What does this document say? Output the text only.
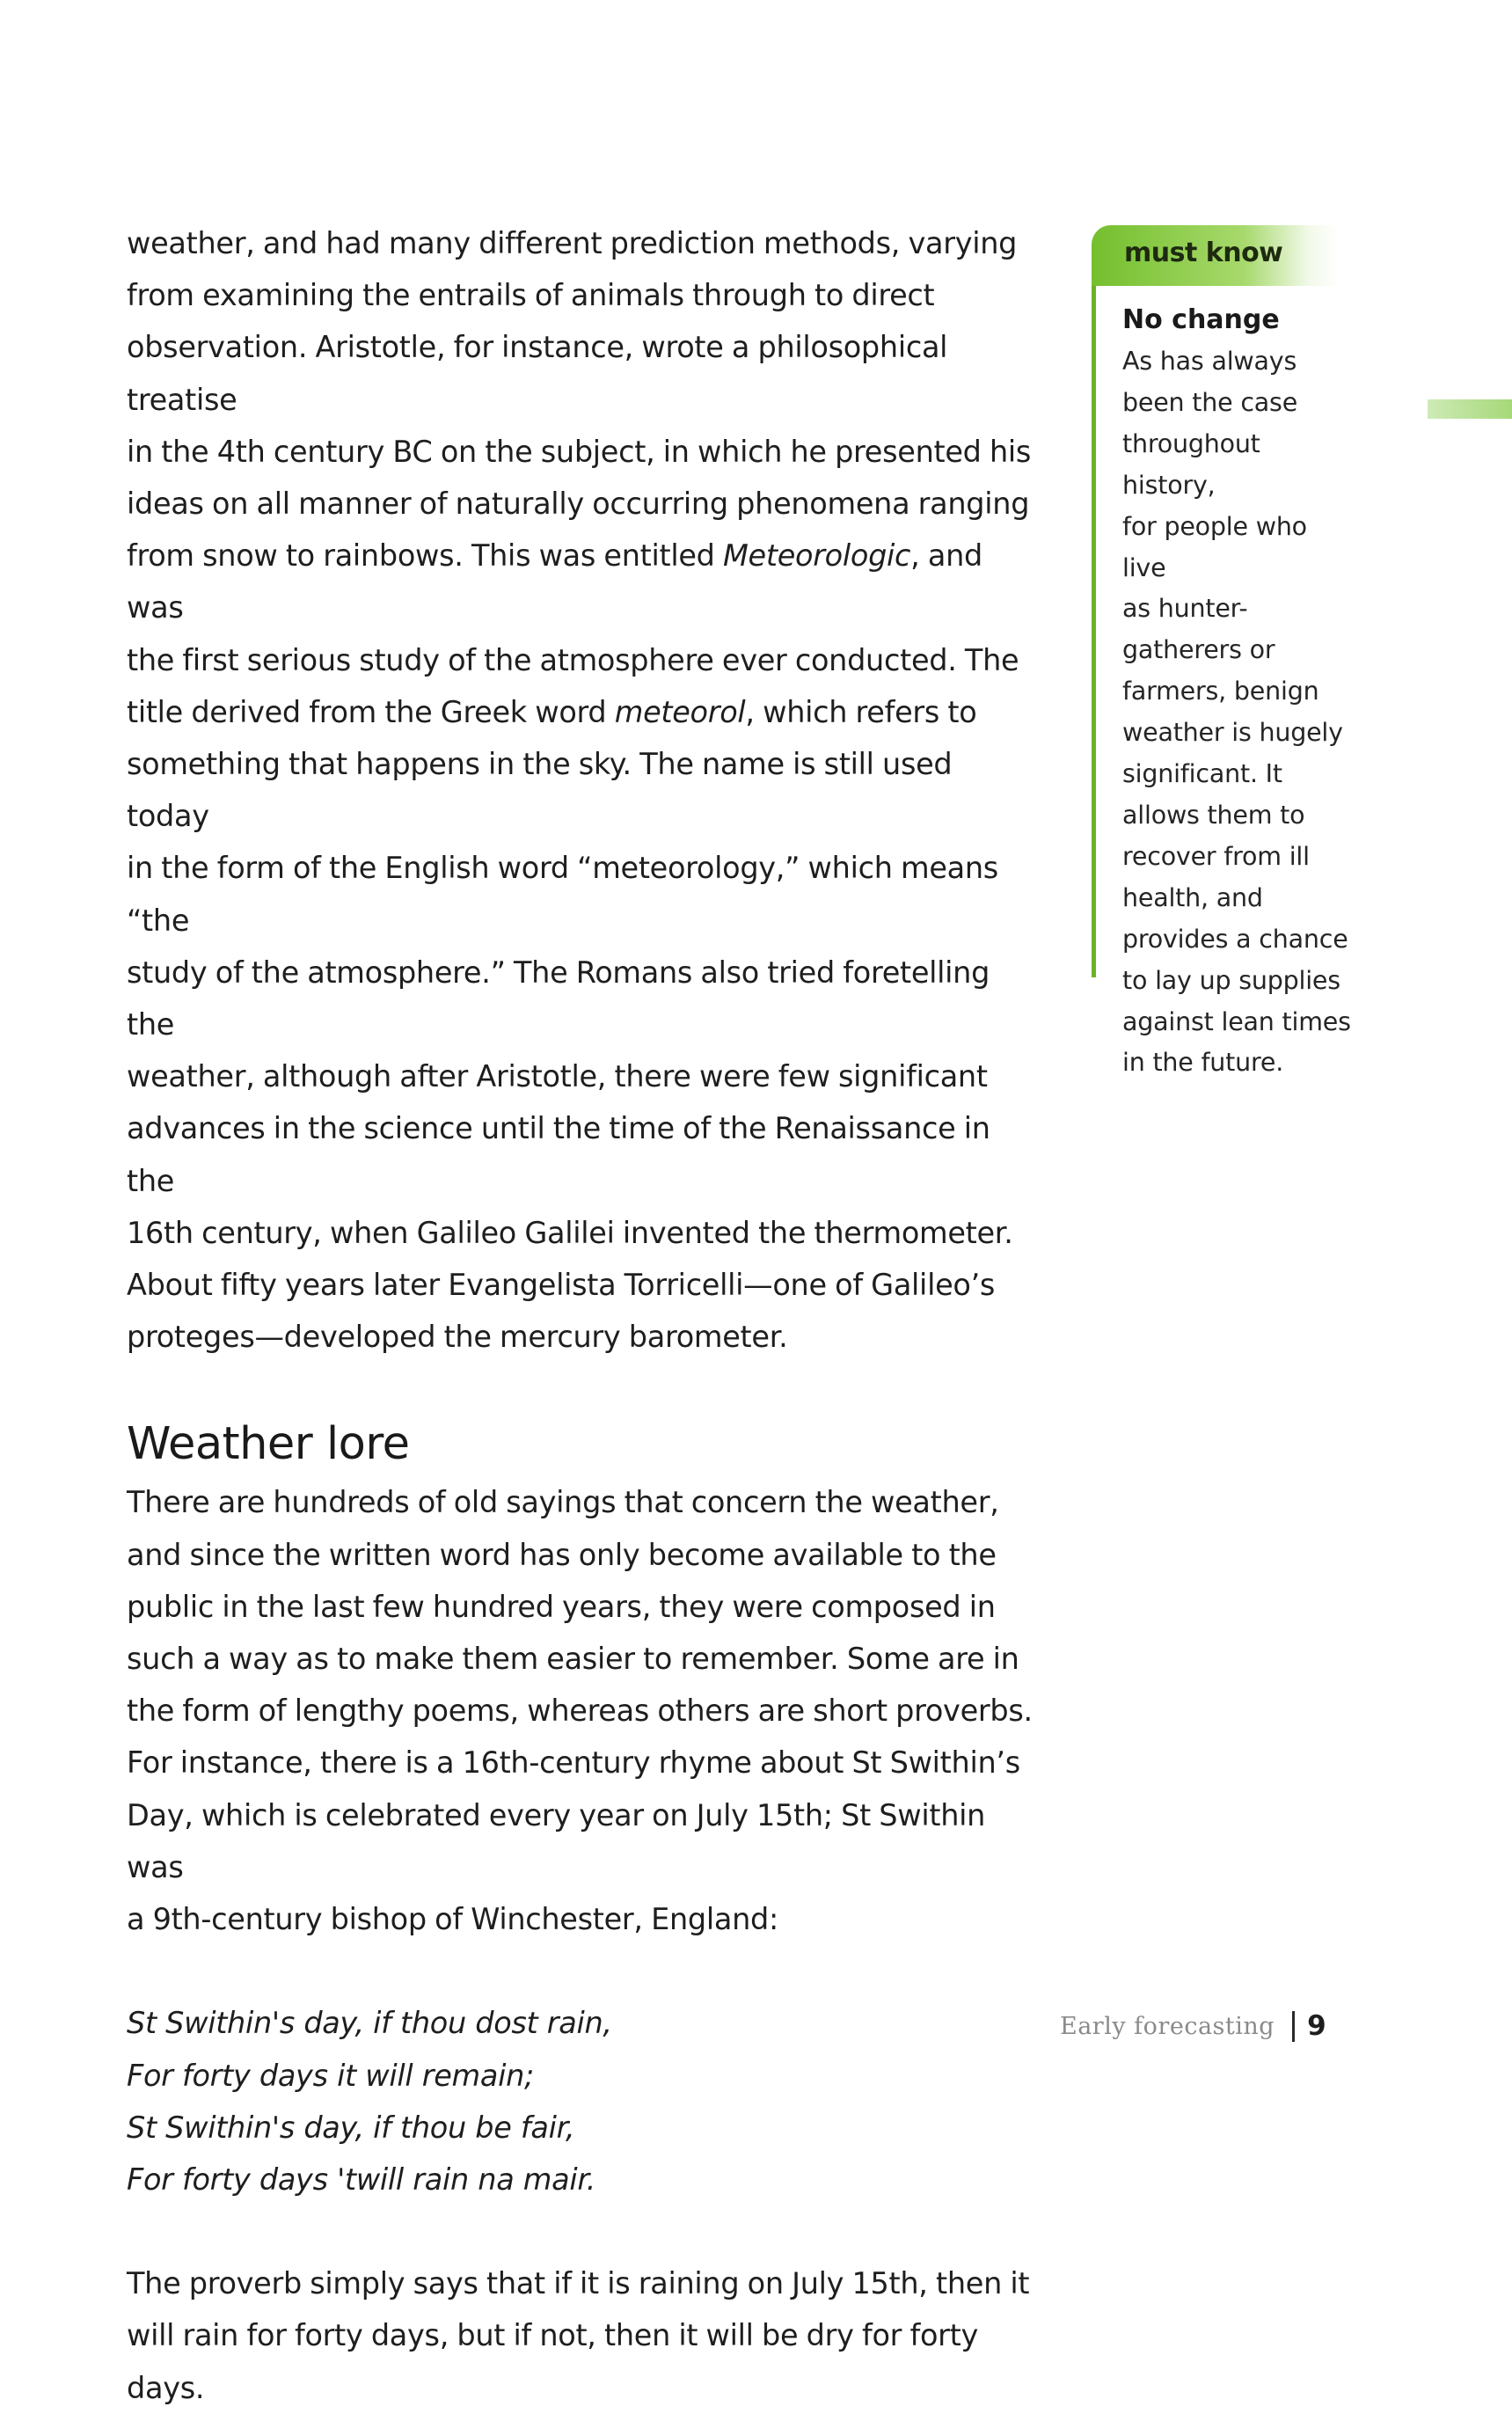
weather, and had many different prediction methods, varying
from examining the entrails of animals through to direct
observation. Aristotle, for instance, wrote a philosophical treatise
in the 4th century BC on the subject, in which he presented his
ideas on all manner of naturally occurring phenomena ranging
from snow to rainbows. This was entitled Meteorologic, and was
the first serious study of the atmosphere ever conducted. The
title derived from the Greek word meteorol, which refers to
something that happens in the sky. The name is still used today
in the form of the English word “meteorology,” which means “the
study of the atmosphere.” The Romans also tried foretelling the
weather, although after Aristotle, there were few significant
advances in the science until the time of the Renaissance in the
16th century, when Galileo Galilei invented the thermometer.
About fifty years later Evangelista Torricelli—one of Galileo’s
proteges—developed the mercury barometer.

Weather lore

There are hundreds of old sayings that concern the weather,
and since the written word has only become available to the
public in the last few hundred years, they were composed in
such a way as to make them easier to remember. Some are in
the form of lengthy poems, whereas others are short proverbs.
For instance, there is a 16th-century rhyme about St Swithin’s
Day, which is celebrated every year on July 15th; St Swithin was
a 9th-century bishop of Winchester, England:

St Swithin's day, if thou dost rain,
For forty days it will remain;
St Swithin's day, if thou be fair,
For forty days 'twill rain na mair.

The proverb simply says that if it is raining on July 15th, then it
will rain for forty days, but if not, then it will be dry for forty days.

must know

No change

As has always
been the case
throughout history,
for people who live
as hunter-
gatherers or
farmers, benign
weather is hugely
significant. It
allows them to
recover from ill
health, and
provides a chance
to lay up supplies
against lean times
in the future.

Early forecasting 9
